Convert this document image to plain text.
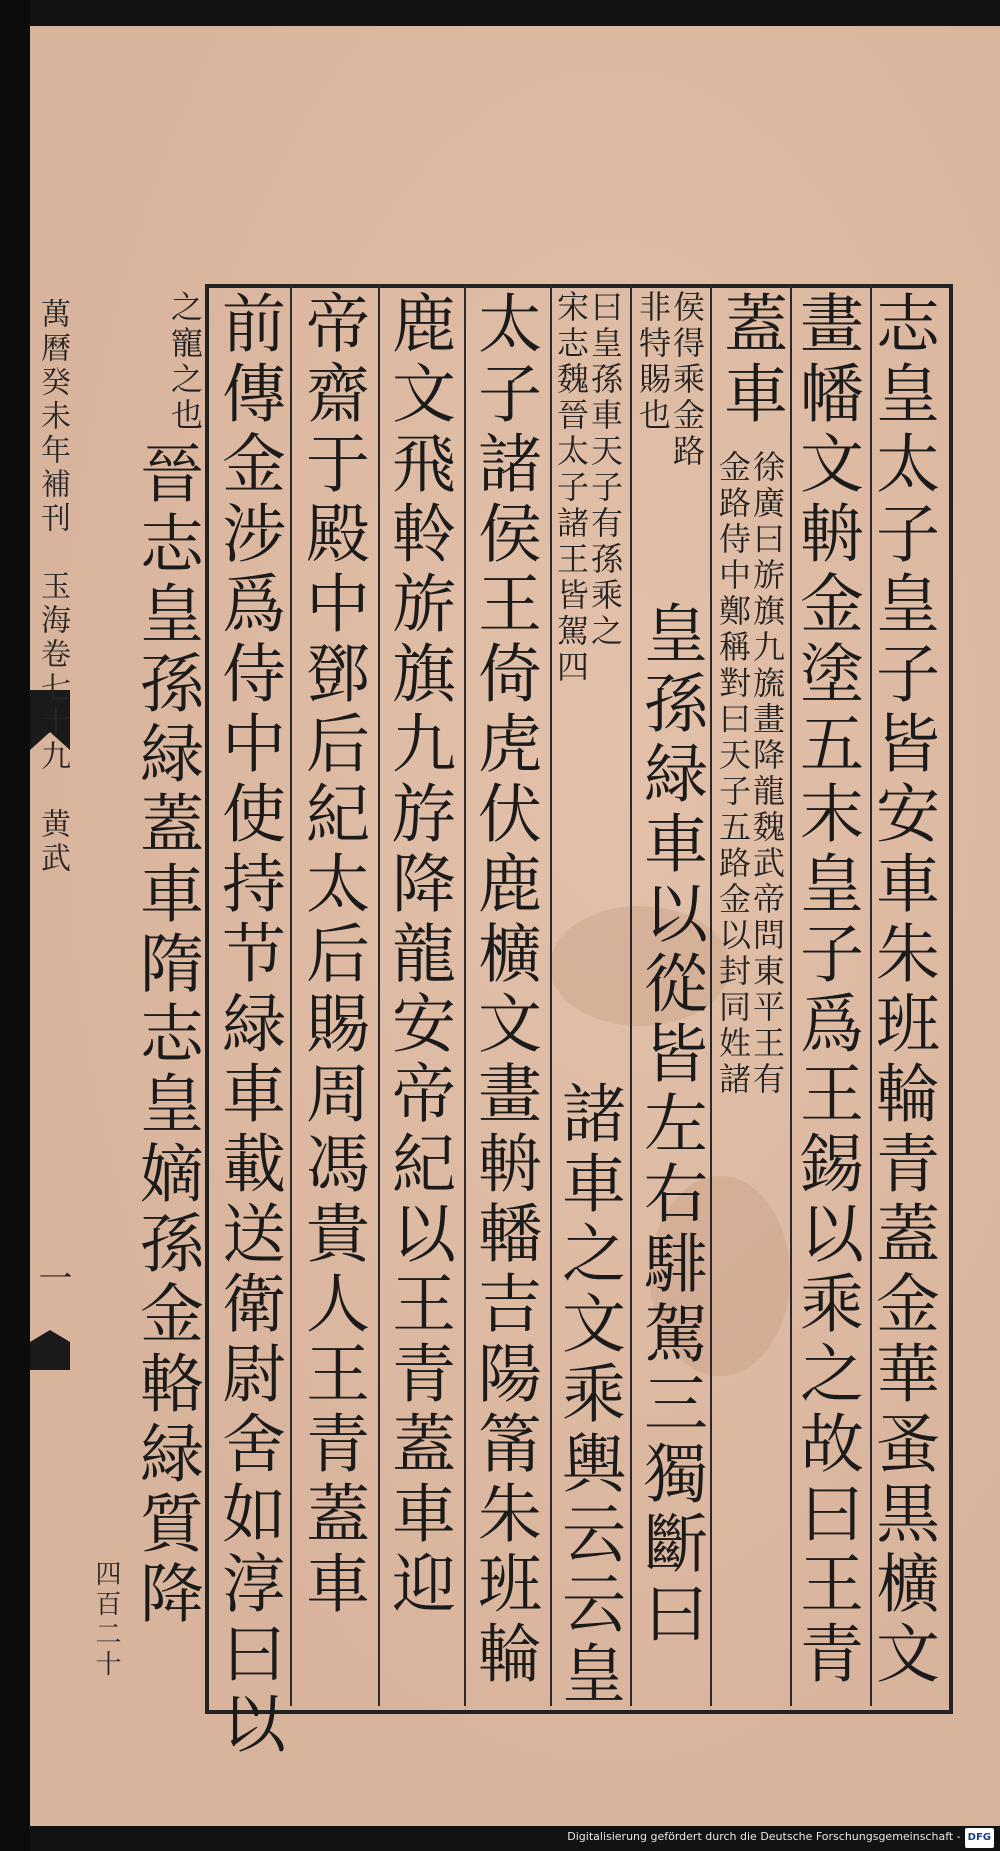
志皇太子皇子皆安車朱班輪青蓋金華蚤黒櫎文
畫幡文輈金塗五末皇子爲王錫以乘之故曰王青
蓋車
徐廣曰旂旗九旒畫降龍魏武帝問東平王有
金路侍中鄭稱對曰天子五路金以封同姓諸
侯得乘金路
非特賜也
皇孫緑車以從皆左右騑駕三獨斷曰
曰皇孫車天子有孫乘之
宋志魏晉太子諸王皆駕四
諸車之文乘輿云云皇
太子諸侯王倚虎伏鹿櫎文畫輈轓吉陽筩朱班輪
鹿文飛軨旂旗九斿降龍安帝紀以王青蓋車迎
帝齋于殿中鄧后紀太后賜周馮貴人王青蓋車
前傳金涉爲侍中使持节緑車載送衛尉舍如淳曰以
之寵之也
晉志皇孫緑蓋車隋志皇嫡孫金輅緑質降
萬曆癸未年補刊　玉海卷七十九　黄武
一
四百二十
Digitalisierung gefördert durch die Deutsche Forschungsgemeinschaft - DFG
